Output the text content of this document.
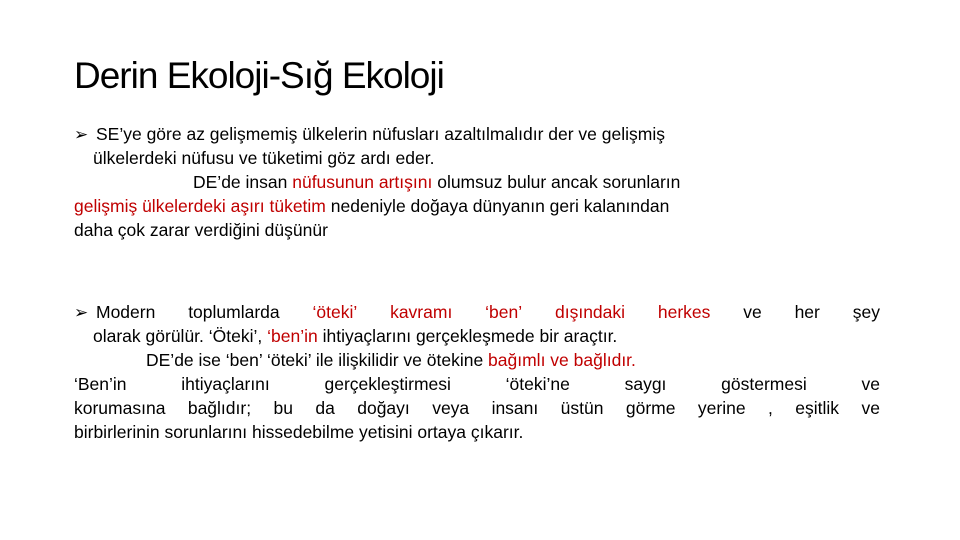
Derin Ekoloji-Sığ Ekoloji
➢ SE’ye göre az gelişmemiş ülkelerin nüfusları azaltılmalıdır der ve gelişmiş
ülkelerdeki nüfusu ve tüketimi göz ardı eder.
DE’de insan nüfusunun artışını olumsuz bulur ancak sorunların
gelişmiş ülkelerdeki aşırı tüketim nedeniyle doğaya dünyanın geri kalanından
daha çok zarar verdiğini düşünür
➢ Modern toplumlarda ‘öteki’ kavramı ‘ben’ dışındaki herkes ve her şey
olarak görülür. ‘Öteki’, ‘ben’in ihtiyaçlarını gerçekleşmede bir araçtır.
DE’de ise ‘ben’ ‘öteki’ ile ilişkilidir ve ötekine bağımlı ve bağlıdır.
‘Ben’in	ihtiyaçlarını	gerçekleştirmesi	‘öteki’ne	saygı	göstermesi	ve
korumasına bağlıdır; bu da doğayı veya insanı üstün görme yerine , eşitlik ve
birbirlerinin sorunlarını hissedebilme yetisini ortaya çıkarır.
